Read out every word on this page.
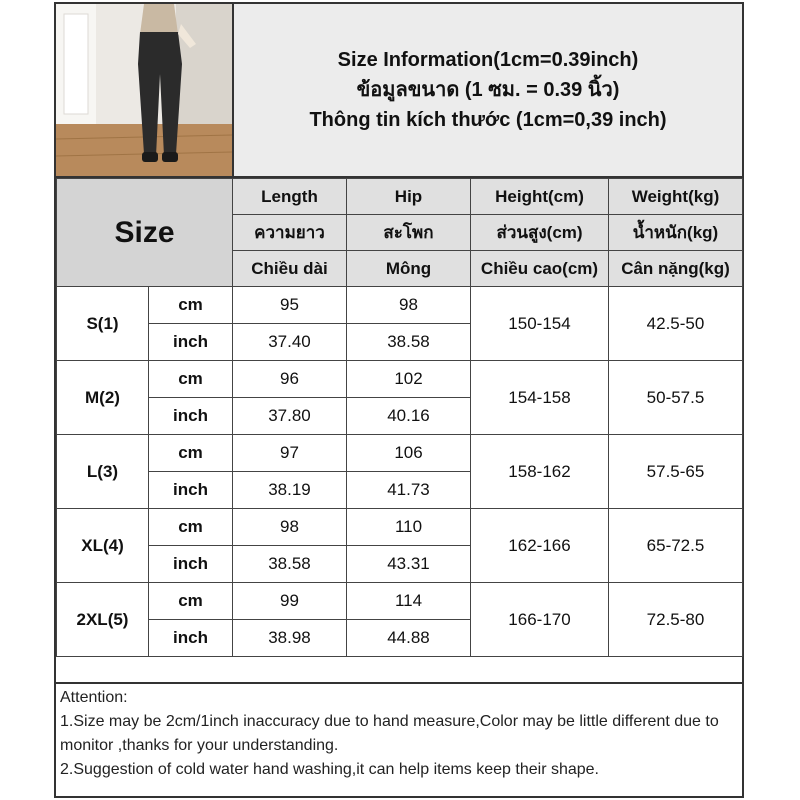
Size Information(1cm=0.39inch)
ข้อมูลขนาด (1 ซม. = 0.39 นิ้ว)
Thông tin kích thước (1cm=0,39 inch)
Size		Length	Hip	Height(cm)	Weight(kg)
		ความยาว	สะโพก	ส่วนสูง(cm)	น้ำหนัก(kg)
		Chiều dài	Mông	Chiều cao(cm)	Cân nặng(kg)
S(1)	cm	95	98	150-154	42.5-50
	inch	37.40	38.58		
M(2)	cm	96	102	154-158	50-57.5
	inch	37.80	40.16		
L(3)	cm	97	106	158-162	57.5-65
	inch	38.19	41.73		
XL(4)	cm	98	110	162-166	65-72.5
	inch	38.58	43.31		
2XL(5)	cm	99	114	166-170	72.5-80
	inch	38.98	44.88		
Attention:
1.Size may be 2cm/1inch inaccuracy due to hand measure,Color may be little different due to monitor ,thanks for your understanding.
2.Suggestion of cold water hand washing,it can help items keep their shape.
